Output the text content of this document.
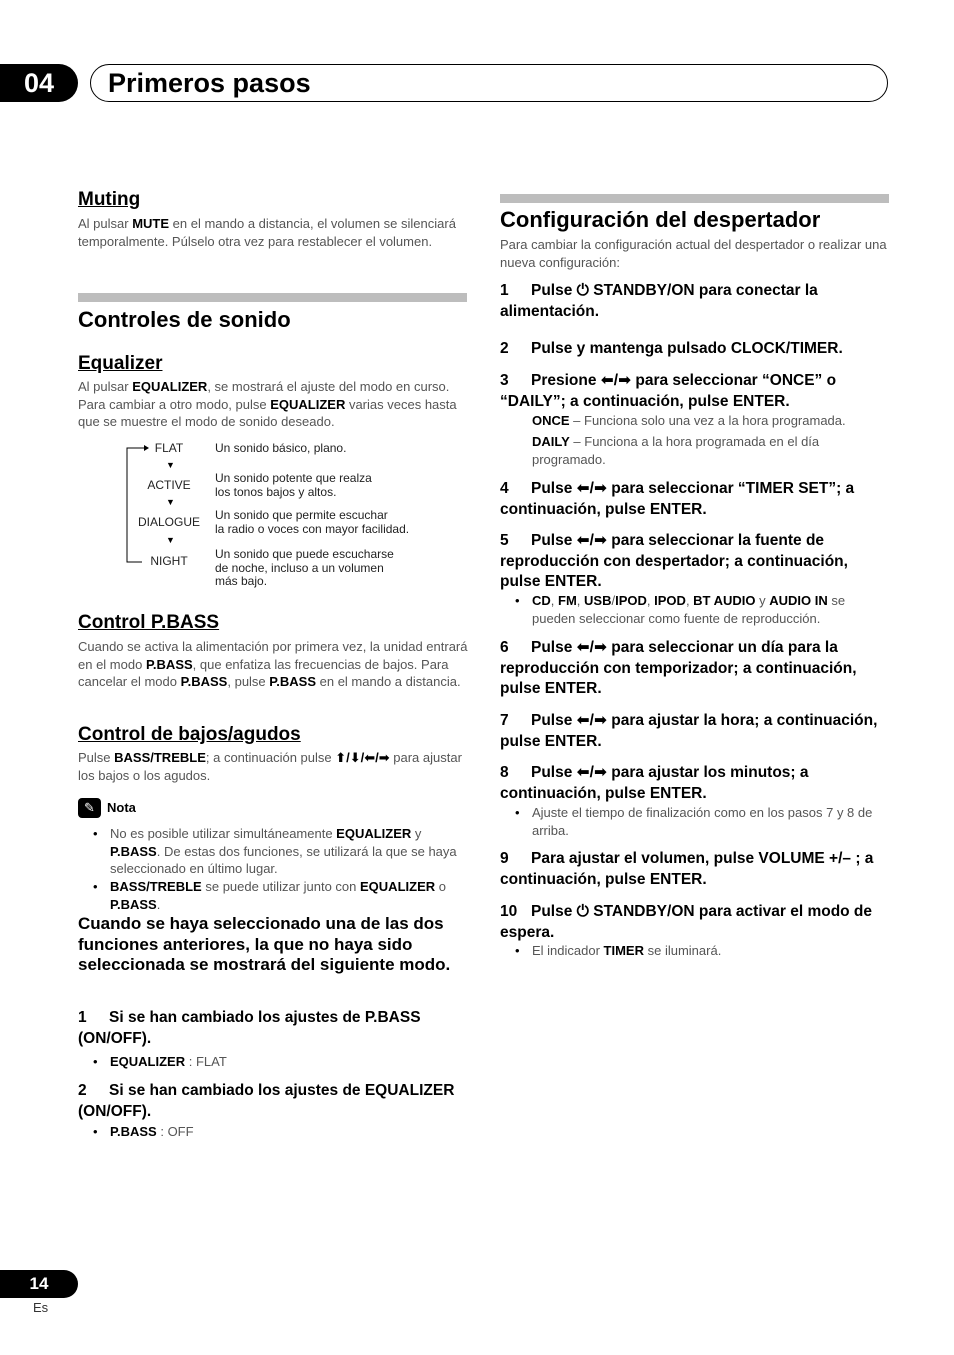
04	Primeros pasos
Muting
Al pulsar MUTE en el mando a distancia, el volumen se silenciará temporalmente. Púlselo otra vez para restablecer el volumen.
Controles de sonido
Equalizer
Al pulsar EQUALIZER, se mostrará el ajuste del modo en curso. Para cambiar a otro modo, pulse EQUALIZER varias veces hasta que se muestre el modo de sonido deseado.
FLAT
▼
ACTIVE
▼
DIALOGUE
▼
NIGHT
Un sonido básico, plano.
Un sonido potente que realza
los tonos bajos y altos.
Un sonido que permite escuchar
la radio o voces con mayor facilidad.
Un sonido que puede escucharse
de noche, incluso a un volumen
más bajo.
Control P.BASS
Cuando se activa la alimentación por primera vez, la unidad entrará en el modo P.BASS, que enfatiza las frecuencias de bajos. Para cancelar el modo P.BASS, pulse P.BASS en el mando a distancia.
Control de bajos/agudos
Pulse BASS/TREBLE; a continuación pulse ⬆/⬇/⬅/➡ para ajustar los bajos o los agudos.
✎ Nota
• No es posible utilizar simultáneamente EQUALIZER y P.BASS. De estas dos funciones, se utilizará la que se haya seleccionado en último lugar.
• BASS/TREBLE se puede utilizar junto con EQUALIZER o P.BASS.
Cuando se haya seleccionado una de las dos funciones anteriores, la que no haya sido seleccionada se mostrará del siguiente modo.
1 Si se han cambiado los ajustes de P.BASS (ON/OFF).
• EQUALIZER : FLAT
2 Si se han cambiado los ajustes de EQUALIZER (ON/OFF).
• P.BASS : OFF
Configuración del despertador
Para cambiar la configuración actual del despertador o realizar una nueva configuración:
1 Pulse ⏻ STANDBY/ON para conectar la alimentación.
2 Pulse y mantenga pulsado CLOCK/TIMER.
3 Presione ⬅/➡ para seleccionar “ONCE” o “DAILY”; a continuación, pulse ENTER.
ONCE – Funciona solo una vez a la hora programada.
DAILY – Funciona a la hora programada en el día programado.
4 Pulse ⬅/➡ para seleccionar “TIMER SET”; a continuación, pulse ENTER.
5 Pulse ⬅/➡ para seleccionar la fuente de reproducción con despertador; a continuación, pulse ENTER.
• CD, FM, USB/IPOD, IPOD, BT AUDIO y AUDIO IN se pueden seleccionar como fuente de reproducción.
6 Pulse ⬅/➡ para seleccionar un día para la reproducción con temporizador; a continuación, pulse ENTER.
7 Pulse ⬅/➡ para ajustar la hora; a continuación, pulse ENTER.
8 Pulse ⬅/➡ para ajustar los minutos; a continuación, pulse ENTER.
• Ajuste el tiempo de finalización como en los pasos 7 y 8 de arriba.
9 Para ajustar el volumen, pulse VOLUME +/– ; a continuación, pulse ENTER.
10 Pulse ⏻ STANDBY/ON para activar el modo de espera.
• El indicador TIMER se iluminará.
14
Es
